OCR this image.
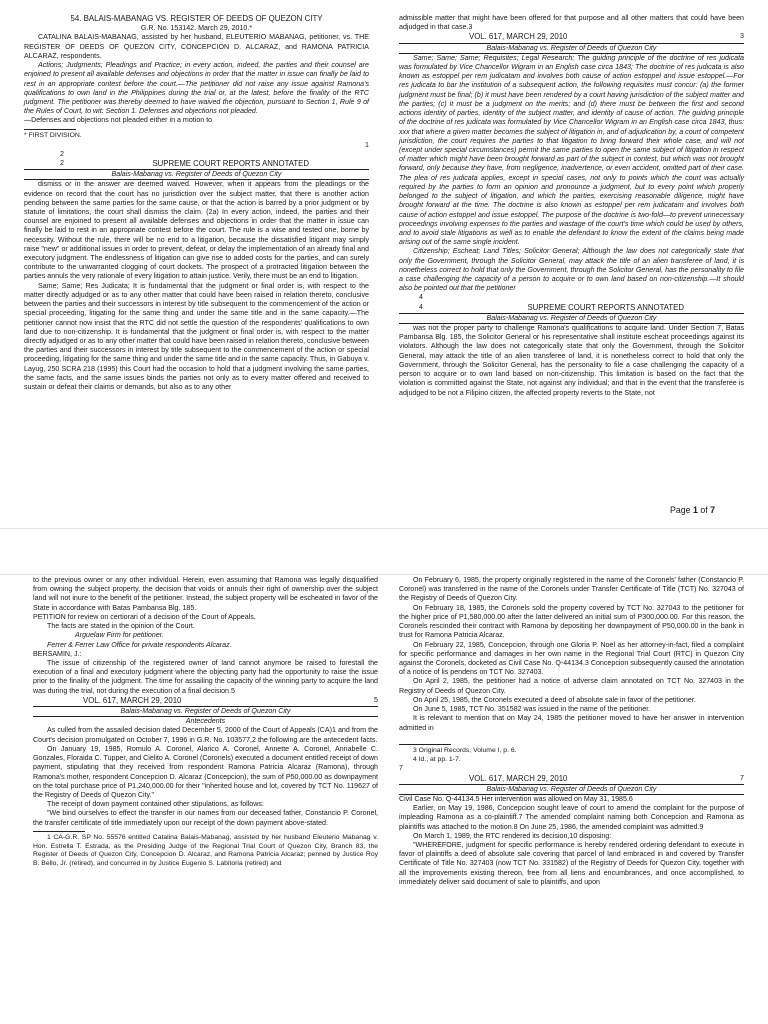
54. BALAIS-MABANAG VS. REGISTER OF DEEDS OF QUEZON CITY

G.R. No. 153142. March 29, 2010.*

CATALINA BALAIS-MABANAG, assisted by her husband, ELEUTERIO MABANAG, petitioner, vs. THE REGISTER OF DEEDS OF QUEZON CITY, CONCEPCION D. ALCARAZ, and RAMONA PATRICIA ALCARAZ, respondents.

Actions; Judgments; Pleadings and Practice; in every action, indeed, the parties and their counsel are enjoined to present all available defenses and objections in order that the matter in issue can finally be laid to rest in an appropriate contest before the court.—The petitioner did not raise any issue against Ramona's qualifications to own land in the Philippines during the trial or, at the latest, before the finality of the RTC judgment. The petitioner was thereby deemed to have waived the objection, pursuant to Section 1, Rule 9 of the Rules of Court, to wit: Section 1. Defenses and objections not pleaded.

—Defenses and objections not pleaded either in a motion to

* FIRST DIVISION.

1

2

2	SUPREME COURT REPORTS ANNOTATED

Balais-Mabanag vs. Register of Deeds of Quezon City

dismiss or in the answer are deemed waived. However, when it appears from the pleadings or the evidence on record that the court has no jurisdiction over the subject matter, that there is another action pending between the same parties for the same cause, or that the action is barred by a prior judgment or by statute of limitations, the court shall dismiss the claim. (2a) In every action, indeed, the parties and their counsel are enjoined to present all available defenses and objections in order that the matter in issue can finally be laid to rest in an appropriate contest before the court. The rule is a wise and tested one, borne by necessity. Without the rule, there will be no end to a litigation, because the dissatisfied litigant may simply raise "new" or additional issues in order to prevent, defeat, or delay the implementation of an already final and executory judgment. The endlessness of litigation can give rise to added costs for the parties, and can surely contribute to the unwarranted clogging of court dockets. The prospect of a protracted litigation between the parties annuls the very rationale of every litigation to attain justice. Verily, there must be an end to litigation.

Same; Same; Res Judicata; It is fundamental that the judgment or final order is, with respect to the matter directly adjudged or as to any other matter that could have been raised in relation thereto, conclusive between the parties and their successors in interest by title subsequent to the commencement of the action or special proceeding, litigating for the same thing and under the same title and in the same capacity.—The petitioner cannot now insist that the RTC did not settle the question of the respondents' qualifications to own land due to non-citizenship. It is fundamental that the judgment or final order is, with respect to the matter directly adjudged or as to any other matter that could have been raised in relation thereto, conclusive between the parties and their successors in interest by title subsequent to the commencement of the action or special proceeding, litigating for the same thing and under the same title and in the same capacity. Thus, in Gabuya v. Layug, 250 SCRA 218 (1995) this Court had the occasion to hold that a judgment involving the same parties, the same facts, and the same issues binds the parties not only as to every matter offered and received to sustain or defeat their claims or demands, but also as to any other

admissible matter that might have been offered for that purpose and all other matters that could have been adjudged in that case.3

VOL. 617, MARCH 29, 2010	3

Balais-Mabanag vs. Register of Deeds of Quezon City

Same; Same; Same; Requisites; Legal Research; The guiding principle of the doctrine of res judicata was formulated by Vice Chancellor Wigram in an English case circa 1843; The doctrine of res judicata is also known as estoppel per rem judicatam and involves both cause of action estoppel and issue estoppel.—For res judicata to bar the institution of a subsequent action, the following requisites must concur: (a) the former judgment must be final; (b) it must have been rendered by a court having jurisdiction of the subject matter and the parties; (c) it must be a judgment on the merits; and (d) there must be between the first and second actions identity of parties, identity of the subject matter, and identity of cause of action. The guiding principle of the doctrine of res judicata was formulated by Vice Chancellor Wigram in an English case circa 1843, thus: xxx that where a given matter becomes the subject of litigation in, and of adjudication by, a court of competent jurisdiction, the court requires the parties to that litigation to bring forward their whole case, and will not (except under special circumstances) permit the same parties to open the same subject of litigation in respect of matter which might have been brought forward as part of the subject in contest, but which was not brought forward, only because they have, from negligence, inadvertence, or even accident, omitted part of their case. The plea of res judicata applies, except in special cases, not only to points which the court was actually required by the parties to form an opinion and pronounce a judgment, but to every point which properly belonged to the subject of litigation, and which the parties, exercising reasonable diligence, might have brought forward at the time. The doctrine is also known as estoppel per rem judicatam and involves both cause of action estoppel and issue estoppel. The purpose of the doctrine is two-fold—to prevent unnecessary proceedings involving expenses to the parties and wastage of the court's time which could be used by others, and to avoid stale litigations as well as to enable the defendant to know the extent of the claims being made arising out of the same single incident.

Citizenship; Escheat; Land Titles; Solicitor General; Although the law does not categorically state that only the Government, through the Solicitor General, may attack the title of an alien transferee of land, it is nonetheless correct to hold that only the Government, through the Solicitor General, has the personality to file a case challenging the capacity of a person to acquire or to own land based on non-citizenship.—It should also be pointed out that the petitioner

4

4	SUPREME COURT REPORTS ANNOTATED

Balais-Mabanag vs. Register of Deeds of Quezon City

was not the proper party to challenge Ramona's qualifications to acquire land. Under Section 7, Batas Pambansa Blg. 185, the Solicitor General or his representative shall institute escheat proceedings against its violators. Although the law does not categorically state that only the Government, through the Solicitor General, may attack the title of an alien transferee of land, it is nonetheless correct to hold that only the Government, through the Solicitor General, has the personality to file a case challenging the capacity of a person to acquire or to own land based on non-citizenship. This limitation is based on the fact that the violation is committed against the State, not against any individual; and that in the event that the transferee is adjudged to be not a Filipino citizen, the affected property reverts to the State, not

Page 1 of 7

to the previous owner or any other individual. Herein, even assuming that Ramona was legally disqualified from owning the subject property, the decision that voids or annuls their right of ownership over the subject land will not inure to the benefit of the petitioner. Instead, the subject property will be escheated in favor of the State in accordance with Batas Pambansa Blg. 185.

PETITION for review on certiorari of a decision of the Court of Appeals.

The facts are stated in the opinion of the Court.

Arguelaw Firm for petitioner.

Ferrer & Ferrer Law Office for private respondents Alcaraz.

BERSAMIN, J.:

The issue of citizenship of the registered owner of land cannot anymore be raised to forestall the execution of a final and executory judgment where the objecting party had the opportunity to raise the issue prior to the finality of the judgment. The time for assailing the capacity of the winning party to acquire the land was during the trial, not during the execution of a final decision.5

VOL. 617, MARCH 29, 2010	5

Balais-Mabanag vs. Register of Deeds of Quezon City

Antecedents

As culled from the assailed decision dated December 5, 2000 of the Court of Appeals (CA)1 and from the Court's decision promulgated on October 7, 1996 in G.R. No. 103577,2 the following are the antecedent facts.

On January 19, 1985, Romulo A. Coronel, Alarico A. Coronel, Annette A. Coronel, Annabelle C. Gonzales, Floraida C. Tupper, and Cielito A. Coronel (Coronels) executed a document entitled receipt of down payment, stipulating that they received from respondent Ramona Patricia Alcaraz (Ramona), through Ramona's mother, respondent Concepcion D. Alcaraz (Concepcion), the sum of P50,000.00 as downpayment on the total purchase price of P1,240,000.00 for their "inherited house and lot, covered by TCT No. 119627 of the Registry of Deeds of Quezon City."

The receipt of down payment contained other stipulations, as follows:

"We bind ourselves to effect the transfer in our names from our deceased father, Constancio P. Coronel, the transfer certificate of title immediately upon our receipt of the down payment above-stated.

1 CA-G.R. SP No. 55576 entitled Catalina Balais-Mabanag, assisted by her husband Eleuterio Mabanag v. Hon. Estrella T. Estrada, as the Presiding Judge of the Regional Trial Court of Quezon City, Branch 83, the Register of Deeds of Quezon City, Concepcion D. Alcaraz, and Ramona Patricia Alcaraz; penned by Justice Roy B. Bello, Jr. (retired), and concurred in by Justice Eugenio S. Labitoria (retired) and

On February 6, 1985, the property originally registered in the name of the Coronels' father (Constancio P. Coronel) was transferred in the name of the Coronels under Transfer Certificate of Title (TCT) No. 327043 of the Registry of Deeds of Quezon City.

On February 18, 1985, the Coronels sold the property covered by TCT No. 327043 to the petitioner for the higher price of P1,580,000.00 after the latter delivered an initial sum of P300,000.00. For this reason, the Coronels rescinded their contract with Ramona by depositing her downpayment of P50,000.00 in the bank in trust for Ramona Patricia Alcaraz.

On February 22, 1985, Concepcion, through one Gloria P. Noel as her attorney-in-fact, filed a complaint for specific performance and damages in her own name in the Regional Trial Court (RTC) in Quezon City against the Coronels, docketed as Civil Case No. Q-44134.3 Concepcion subsequently caused the annotation of a notice of lis pendens on TCT No. 327403.

On April 2, 1985, the petitioner had a notice of adverse claim annotated on TCT No. 327403 in the Registry of Deeds of Quezon City.

On April 25, 1985, the Coronels executed a deed of absolute sale in favor of the petitioner.

On June 5, 1985, TCT No. 351582 was issued in the name of the petitioner.

It is relevant to mention that on May 24, 1985 the petitioner moved to have her answer in intervention admitted in

3 Original Records, Volume I, p. 6.

4 Id., at pp. 1-7.

7

VOL. 617, MARCH 29, 2010	7

Balais-Mabanag vs. Register of Deeds of Quezon City

Civil Case No. Q-44134.5 Her intervention was allowed on May 31, 1985.6

Earlier, on May 19, 1986, Concepcion sought leave of court to amend the complaint for the purpose of impleading Ramona as a co-plaintiff.7 The amended complaint naming both Concepcion and Ramona as plaintiffs was attached to the motion.8 On June 25, 1986, the amended complaint was admitted.9

On March 1, 1989, the RTC rendered its decision,10 disposing:

"WHEREFORE, judgment for specific performance is hereby rendered ordering defendant to execute in favor of plaintiffs a deed of absolute sale covering that parcel of land embraced in and covered by Transfer Certificate of Title No. 327403 (now TCT No. 331582) of the Registry of Deeds for Quezon City, together with all the improvements existing thereon, free from all liens and encumbrances, and once accomplished, to immediately deliver said document of sale to plaintiffs, and upon
